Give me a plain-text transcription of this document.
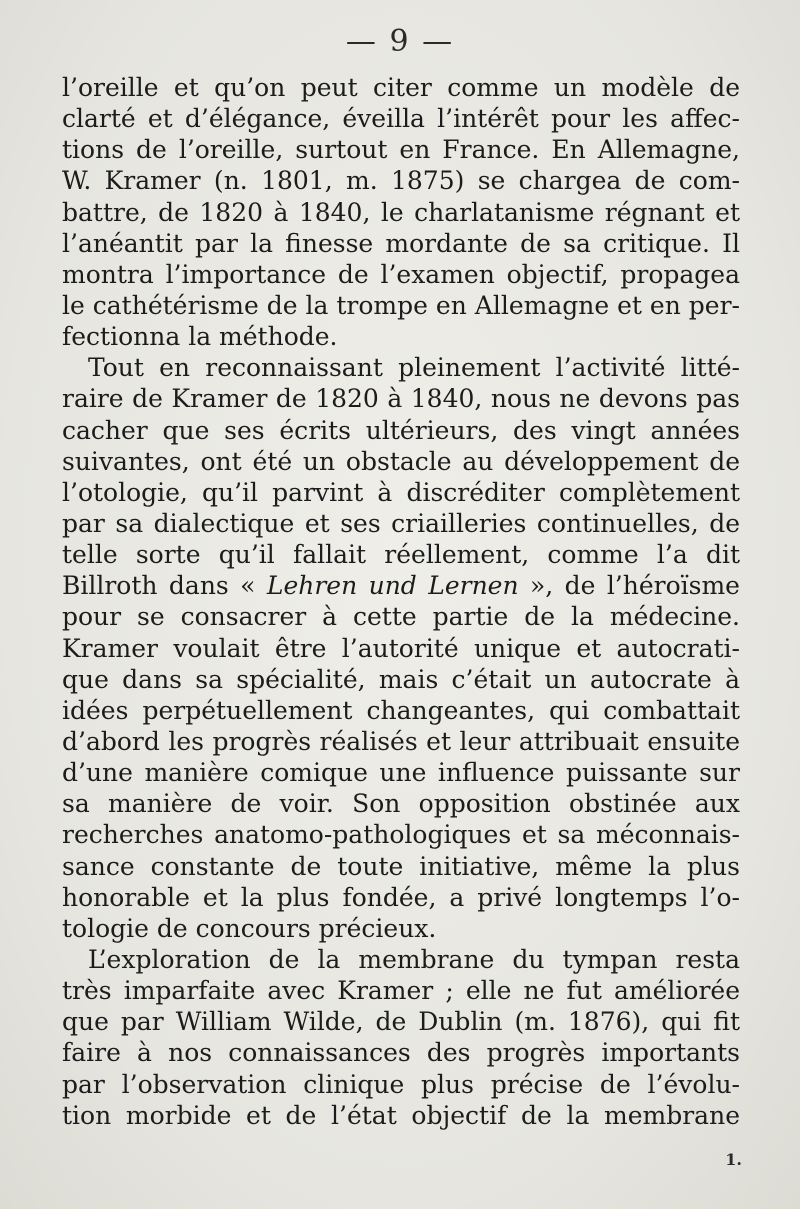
— 9 —
l’oreille et qu’on peut citer comme un modèle de
clarté et d’élégance, éveilla l’intérêt pour les affec-
tions de l’oreille, surtout en France. En Allemagne,
W. Kramer (n. 1801, m. 1875) se chargea de com-
battre, de 1820 à 1840, le charlatanisme régnant et
l’anéantit par la finesse mordante de sa critique. Il
montra l’importance de l’examen objectif, propagea
le cathétérisme de la trompe en Allemagne et en per-
fectionna la méthode.
Tout en reconnaissant pleinement l’activité litté-
raire de Kramer de 1820 à 1840, nous ne devons pas
cacher que ses écrits ultérieurs, des vingt années
suivantes, ont été un obstacle au développement de
l’otologie, qu’il parvint à discréditer complètement
par sa dialectique et ses criailleries continuelles, de
telle sorte qu’il fallait réellement, comme l’a dit
Billroth dans « Lehren und Lernen », de l’héroïsme
pour se consacrer à cette partie de la médecine.
Kramer voulait être l’autorité unique et autocrati-
que dans sa spécialité, mais c’était un autocrate à
idées perpétuellement changeantes, qui combattait
d’abord les progrès réalisés et leur attribuait ensuite
d’une manière comique une influence puissante sur
sa manière de voir. Son opposition obstinée aux
recherches anatomo-pathologiques et sa méconnais-
sance constante de toute initiative, même la plus
honorable et la plus fondée, a privé longtemps l’o-
tologie de concours précieux.
L’exploration de la membrane du tympan resta
très imparfaite avec Kramer ; elle ne fut améliorée
que par William Wilde, de Dublin (m. 1876), qui fit
faire à nos connaissances des progrès importants
par l’observation clinique plus précise de l’évolu-
tion morbide et de l’état objectif de la membrane
1.
